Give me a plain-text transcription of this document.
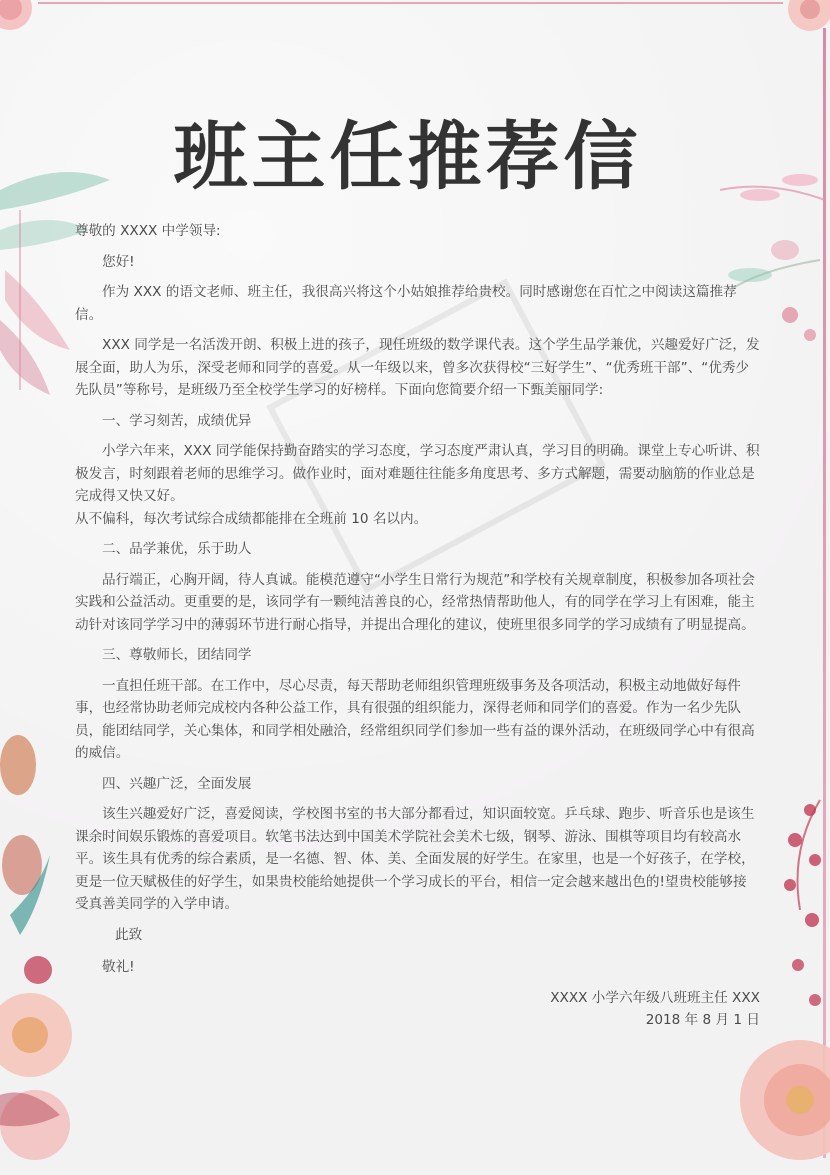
班主任推荐信

尊敬的 XXXX 中学领导:

您好!

作为 XXX 的语文老师、班主任，我很高兴将这个小姑娘推荐给贵校。同时感谢您在百忙之中阅读这篇推荐信。

XXX 同学是一名活泼开朗、积极上进的孩子，现任班级的数学课代表。这个学生品学兼优，兴趣爱好广泛，发展全面，助人为乐，深受老师和同学的喜爱。从一年级以来，曾多次获得校“三好学生”、“优秀班干部”、“优秀少先队员”等称号，是班级乃至全校学生学习的好榜样。下面向您简要介绍一下甄美丽同学:

一、学习刻苦，成绩优异

小学六年来，XXX 同学能保持勤奋踏实的学习态度，学习态度严肃认真，学习目的明确。课堂上专心听讲、积极发言，时刻跟着老师的思维学习。做作业时，面对难题往往能多角度思考、多方式解题，需要动脑筋的作业总是完成得又快又好。

从不偏科，每次考试综合成绩都能排在全班前 10 名以内。

二、品学兼优，乐于助人

品行端正，心胸开阔，待人真诚。能模范遵守“小学生日常行为规范”和学校有关规章制度，积极参加各项社会实践和公益活动。更重要的是，该同学有一颗纯洁善良的心，经常热情帮助他人，有的同学在学习上有困难，能主动针对该同学学习中的薄弱环节进行耐心指导，并提出合理化的建议，使班里很多同学的学习成绩有了明显提高。

三、尊敬师长，团结同学

一直担任班干部。在工作中，尽心尽责，每天帮助老师组织管理班级事务及各项活动，积极主动地做好每件事，也经常协助老师完成校内各种公益工作，具有很强的组织能力，深得老师和同学们的喜爱。作为一名少先队员，能团结同学，关心集体，和同学相处融洽，经常组织同学们参加一些有益的课外活动，在班级同学心中有很高的威信。

四、兴趣广泛，全面发展

该生兴趣爱好广泛，喜爱阅读，学校图书室的书大部分都看过，知识面较宽。乒乓球、跑步、听音乐也是该生课余时间娱乐锻炼的喜爱项目。软笔书法达到中国美术学院社会美术七级，钢琴、游泳、围棋等项目均有较高水平。该生具有优秀的综合素质，是一名德、智、体、美、全面发展的好学生。在家里，也是一个好孩子，在学校，更是一位天赋极佳的好学生，如果贵校能给她提供一个学习成长的平台，相信一定会越来越出色的!望贵校能够接受真善美同学的入学申请。

此致

敬礼!

XXXX 小学六年级八班班主任 XXX

2018 年 8 月 1 日
